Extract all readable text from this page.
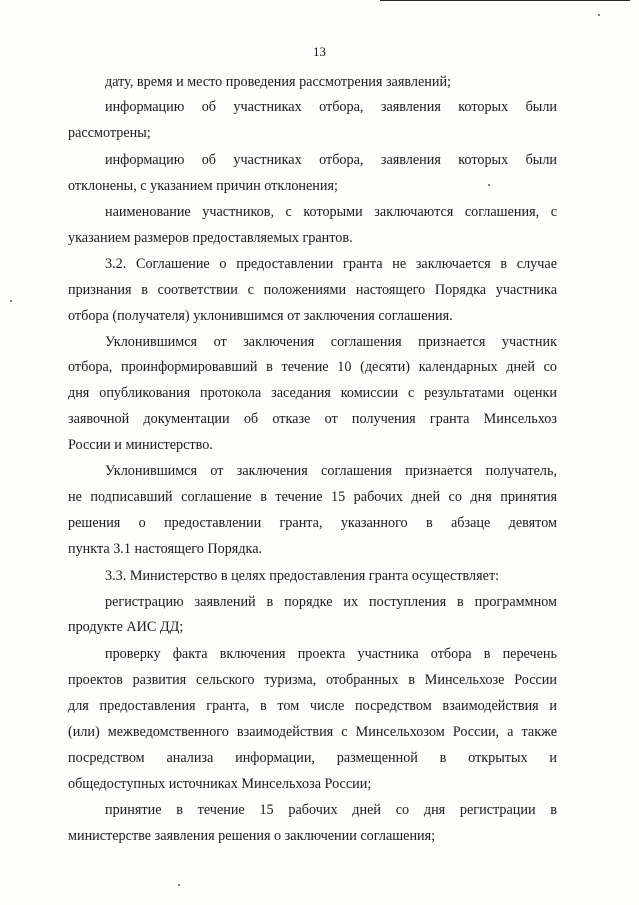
13
дату, время и место проведения рассмотрения заявлений;
информацию об участниках отбора, заявления которых были
рассмотрены;
информацию об участниках отбора, заявления которых были
отклонены, с указанием причин отклонения;
наименование участников, с которыми заключаются соглашения, с
указанием размеров предоставляемых грантов.
3.2. Соглашение о предоставлении гранта не заключается в случае
признания в соответствии с положениями настоящего Порядка участника
отбора (получателя) уклонившимся от заключения соглашения.
Уклонившимся от заключения соглашения признается участник
отбора, проинформировавший в течение 10 (десяти) календарных дней со
дня опубликования протокола заседания комиссии с результатами оценки
заявочной документации об отказе от получения гранта Минсельхоз
России и министерство.
Уклонившимся от заключения соглашения признается получатель,
не подписавший соглашение в течение 15 рабочих дней со дня принятия
решения о предоставлении гранта, указанного в абзаце девятом
пункта 3.1 настоящего Порядка.
3.3. Министерство в целях предоставления гранта осуществляет:
регистрацию заявлений в порядке их поступления в программном
продукте АИС ДД;
проверку факта включения проекта участника отбора в перечень
проектов развития сельского туризма, отобранных в Минсельхозе России
для предоставления гранта, в том числе посредством взаимодействия и
(или) межведомственного взаимодействия с Минсельхозом России, а также
посредством анализа информации, размещенной в открытых и
общедоступных источниках Минсельхоза России;
принятие в течение 15 рабочих дней со дня регистрации в
министерстве заявления решения о заключении соглашения;
